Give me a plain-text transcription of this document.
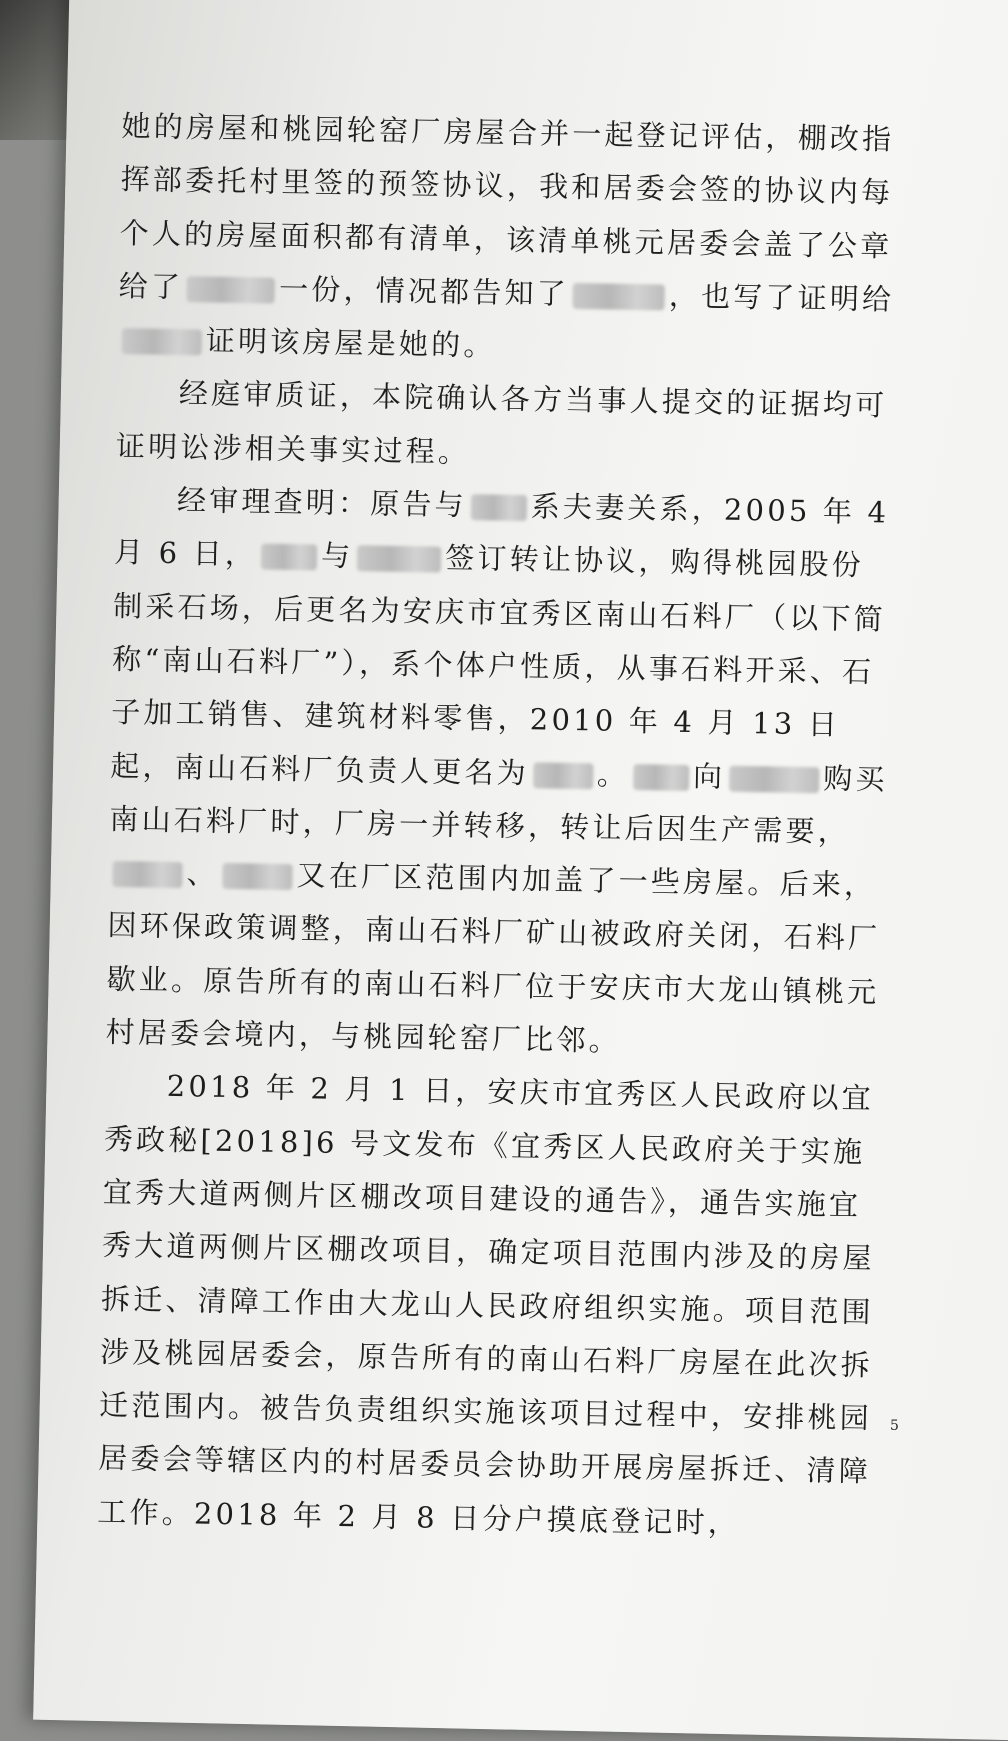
她的房屋和桃园轮窑厂房屋合并一起登记评估，棚改指挥部委托村里签的预签协议，我和居委会签的协议内每个人的房屋面积都有清单，该清单桃元居委会盖了公章给了	一份，情况都告知了	，也写了证明给证明该房屋是她的。

经庭审质证，本院确认各方当事人提交的证据均可证明讼涉相关事实过程。

经审理查明：原告与 系夫妻关系，2005 年 4 月 6 日， 与	签订转让协议，购得桃园股份制采石场，后更名为安庆市宜秀区南山石料厂（以下简称“南山石料厂”），系个体户性质，从事石料开采、石子加工销售、建筑材料零售，2010 年 4 月 13 日起，南山石料厂负责人更名为 。 向	购买南山石料厂时，厂房一并转移，转让后因生产需要，、	又在厂区范围内加盖了一些房屋。后来，因环保政策调整，南山石料厂矿山被政府关闭，石料厂歇业。原告所有的南山石料厂位于安庆市大龙山镇桃元村居委会境内，与桃园轮窑厂比邻。

2018 年 2 月 1 日，安庆市宜秀区人民政府以宜秀政秘[2018]6 号文发布《宜秀区人民政府关于实施宜秀大道两侧片区棚改项目建设的通告》，通告实施宜秀大道两侧片区棚改项目，确定项目范围内涉及的房屋拆迁、清障工作由大龙山人民政府组织实施。项目范围涉及桃园居委会，原告所有的南山石料厂房屋在此次拆迁范围内。被告负责组织实施该项目过程中，安排桃园居委会等辖区内的村居委员会协助开展房屋拆迁、清障工作。2018 年 2 月 8 日分户摸底登记时，

5
